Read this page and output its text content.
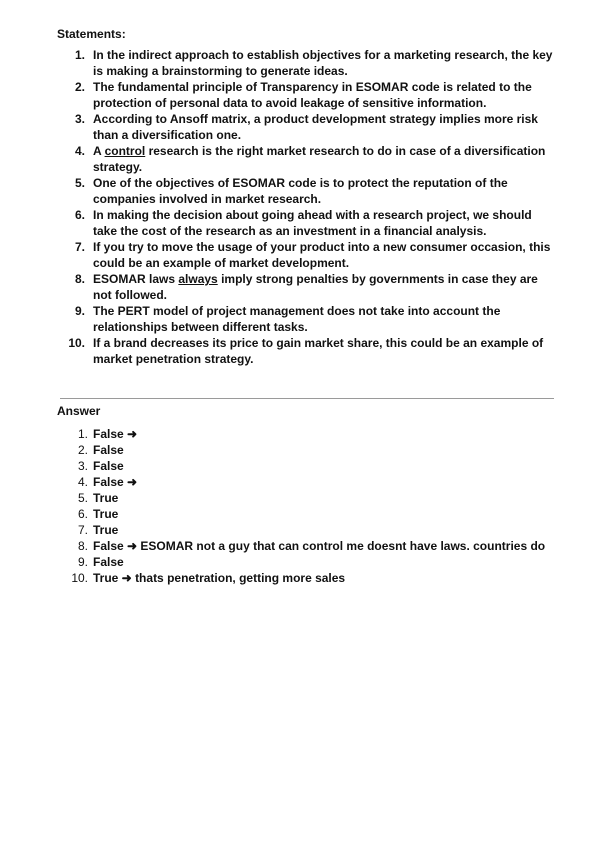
Statements:
1. In the indirect approach to establish objectives for a marketing research, the key is making a brainstorming to generate ideas.
2. The fundamental principle of Transparency in ESOMAR code is related to the protection of personal data to avoid leakage of sensitive information.
3. According to Ansoff matrix, a product development strategy implies more risk than a diversification one.
4. A control research is the right market research to do in case of a diversification strategy.
5. One of the objectives of ESOMAR code is to protect the reputation of the companies involved in market research.
6. In making the decision about going ahead with a research project, we should take the cost of the research as an investment in a financial analysis.
7. If you try to move the usage of your product into a new consumer occasion, this could be an example of market development.
8. ESOMAR laws always imply strong penalties by governments in case they are not followed.
9. The PERT model of project management does not take into account the relationships between different tasks.
10. If a brand decreases its price to gain market share, this could be an example of market penetration strategy.
Answer
1. False ➜
2. False
3. False
4. False ➜
5. True
6. True
7. True
8. False ➜ ESOMAR not a guy that can control me doesnt have laws. countries do
9. False
10. True ➜ thats penetration, getting more sales
